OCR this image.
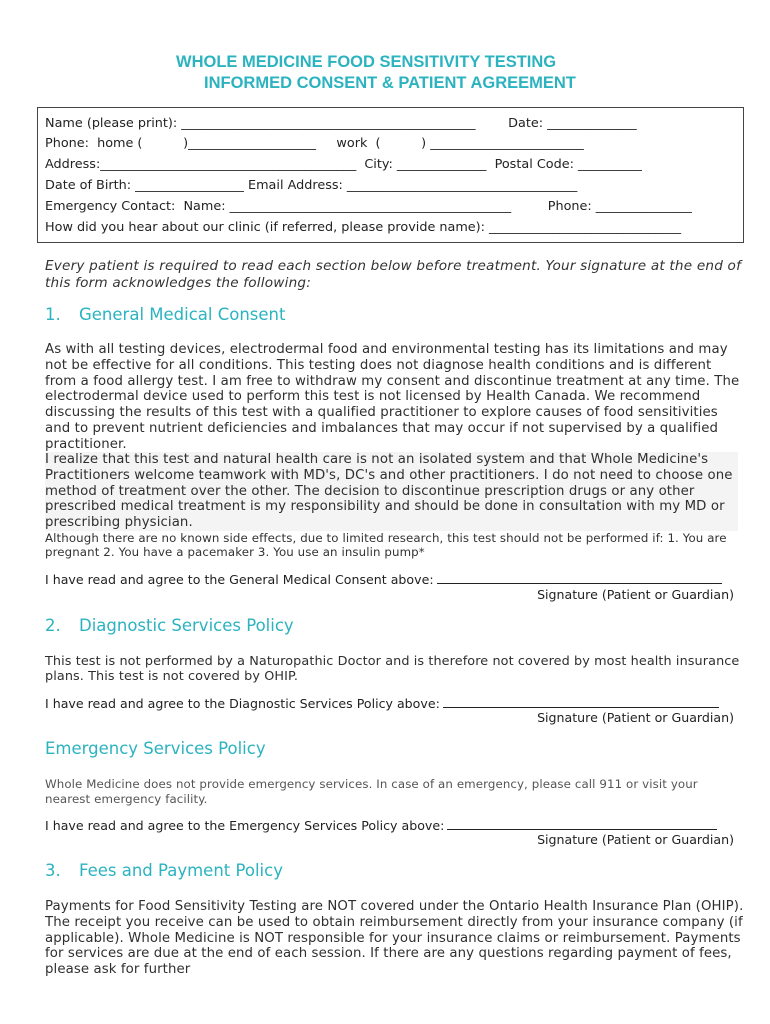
WHOLE MEDICINE FOOD SENSITIVITY TESTING
INFORMED CONSENT & PATIENT AGREEMENT
Name (please print): ______________________________________________        Date: ______________
Phone:  home (          )____________________     work  (          ) ________________________
Address:________________________________________  City: ______________  Postal Code: __________
Date of Birth: _________________ Email Address: ____________________________________
Emergency Contact:  Name: ____________________________________________         Phone: _______________
How did you hear about our clinic (if referred, please provide name): ______________________________
Every patient is required to read each section below before treatment. Your signature at the end of this form acknowledges the following:
1. General Medical Consent
As with all testing devices, electrodermal food and environmental testing has its limitations and may not be effective for all conditions. This testing does not diagnose health conditions and is different from a food allergy test. I am free to withdraw my consent and discontinue treatment at any time. The electrodermal device used to perform this test is not licensed by Health Canada. We recommend discussing the results of this test with a qualified practitioner to explore causes of food sensitivities and to prevent nutrient deficiencies and imbalances that may occur if not supervised by a qualified practitioner.
I realize that this test and natural health care is not an isolated system and that Whole Medicine's Practitioners welcome teamwork with MD's, DC's and other practitioners. I do not need to choose one method of treatment over the other. The decision to discontinue prescription drugs or any other prescribed medical treatment is my responsibility and should be done in consultation with my MD or prescribing physician.
Although there are no known side effects, due to limited research, this test should not be performed if: 1. You are pregnant 2. You have a pacemaker 3. You use an insulin pump*
I have read and agree to the General Medical Consent above:
Signature (Patient or Guardian)
2. Diagnostic Services Policy
This test is not performed by a Naturopathic Doctor and is therefore not covered by most health insurance plans. This test is not covered by OHIP.
I have read and agree to the Diagnostic Services Policy above:
Signature (Patient or Guardian)
Emergency Services Policy
Whole Medicine does not provide emergency services. In case of an emergency, please call 911 or visit your nearest emergency facility.
I have read and agree to the Emergency Services Policy above:
Signature (Patient or Guardian)
3. Fees and Payment Policy
Payments for Food Sensitivity Testing are NOT covered under the Ontario Health Insurance Plan (OHIP). The receipt you receive can be used to obtain reimbursement directly from your insurance company (if applicable). Whole Medicine is NOT responsible for your insurance claims or reimbursement. Payments for services are due at the end of each session. If there are any questions regarding payment of fees, please ask for further
